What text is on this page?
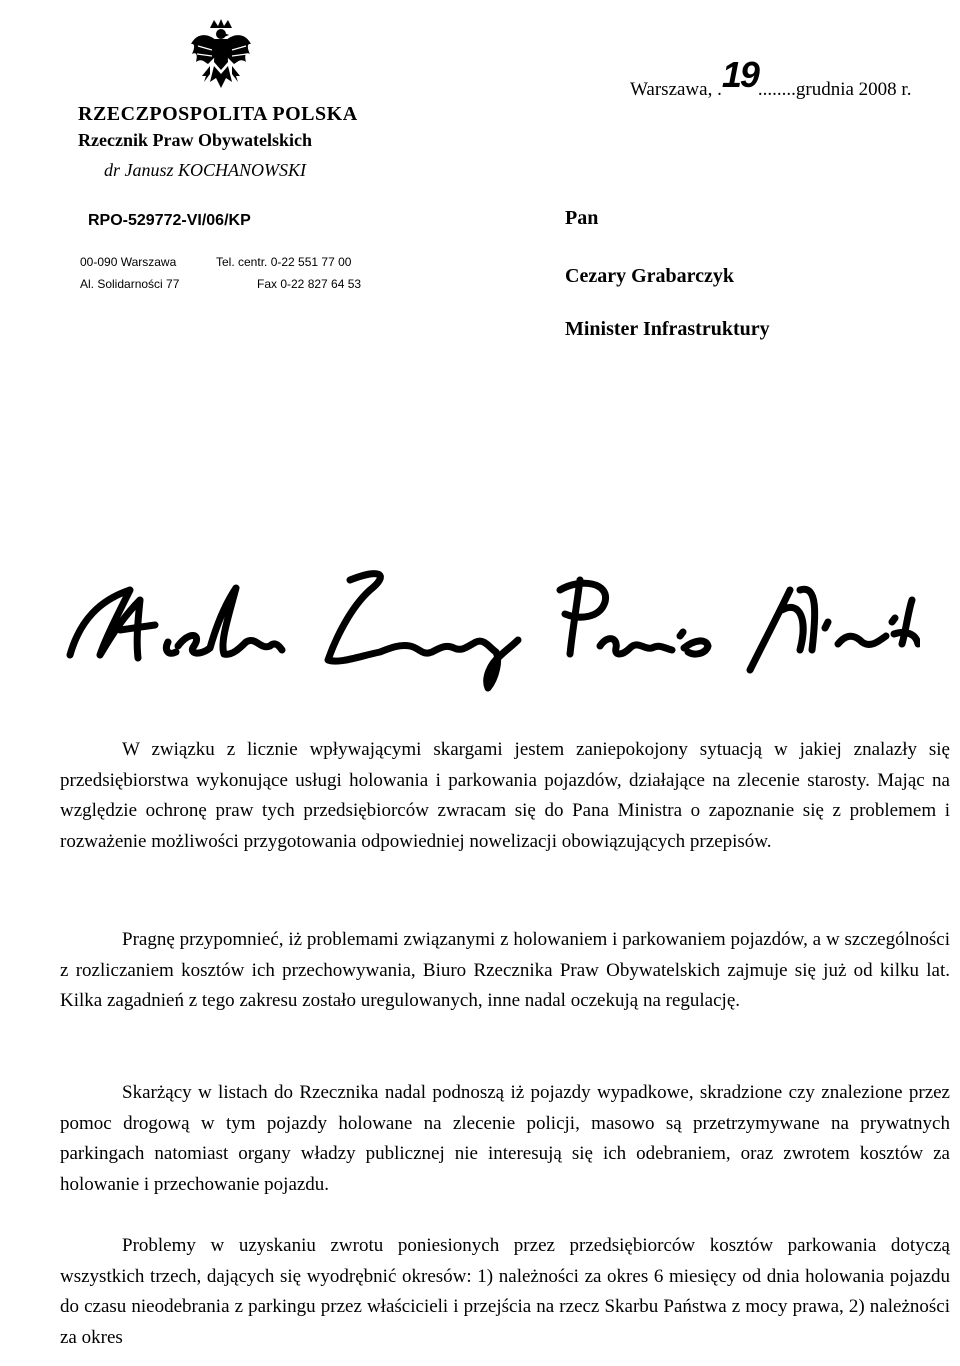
RZECZPOSPOLITA POLSKA
Rzecznik Praw Obywatelskich
dr Janusz KOCHANOWSKI
RPO-529772-VI/06/KP
00-090 Warszawa
Al. Solidarności 77
Tel. centr. 0-22 551 77 00
Fax 0-22 827 64 53
Warszawa, .19........grudnia 2008 r.
Pan
Cezary Grabarczyk
Minister Infrastruktury

W związku z licznie wpływającymi skargami jestem zaniepokojony sytuacją w jakiej znalazły się przedsiębiorstwa wykonujące usługi holowania i parkowania pojazdów, działające na zlecenie starosty. Mając na względzie ochronę praw tych przedsiębiorców zwracam się do Pana Ministra o zapoznanie się z problemem i rozważenie możliwości przygotowania odpowiedniej nowelizacji obowiązujących przepisów.

Pragnę przypomnieć, iż problemami związanymi z holowaniem i parkowaniem pojazdów, a w szczególności z rozliczaniem kosztów ich przechowywania, Biuro Rzecznika Praw Obywatelskich zajmuje się już od kilku lat. Kilka zagadnień z tego zakresu zostało uregulowanych, inne nadal oczekują na regulację.

Skarżący w listach do Rzecznika nadal podnoszą iż pojazdy wypadkowe, skradzione czy znalezione przez pomoc drogową w tym pojazdy holowane na zlecenie policji, masowo są przetrzymywane na prywatnych parkingach natomiast organy władzy publicznej nie interesują się ich odebraniem, oraz zwrotem kosztów za holowanie i przechowanie pojazdu.

Problemy w uzyskaniu zwrotu poniesionych przez przedsiębiorców kosztów parkowania dotyczą wszystkich trzech, dających się wyodrębnić okresów: 1) należności za okres 6 miesięcy od dnia holowania pojazdu do czasu nieodebrania z parkingu przez właścicieli i przejścia na rzecz Skarbu Państwa z mocy prawa, 2) należności za okres
